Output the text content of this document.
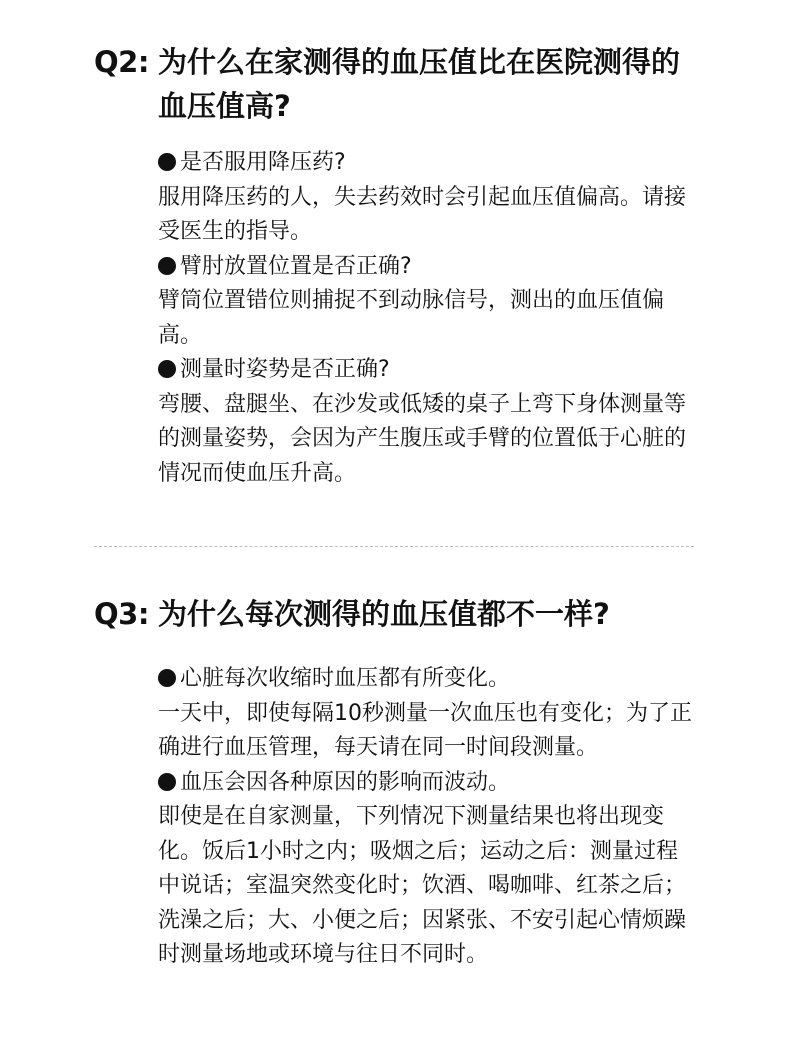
Q2: 为什么在家测得的血压值比在医院测得的血压值高?
是否服用降压药?
服用降压药的人，失去药效时会引起血压值偏高。请接受医生的指导。
臂肘放置位置是否正确?
臂筒位置错位则捕捉不到动脉信号，测出的血压值偏高。
测量时姿势是否正确?
弯腰、盘腿坐、在沙发或低矮的桌子上弯下身体测量等的测量姿势，会因为产生腹压或手臂的位置低于心脏的情况而使血压升高。
Q3: 为什么每次测得的血压值都不一样?
心脏每次收缩时血压都有所变化。
一天中，即使每隔10秒测量一次血压也有变化；为了正确进行血压管理，每天请在同一时间段测量。
血压会因各种原因的影响而波动。
即使是在自家测量，下列情况下测量结果也将出现变化。饭后1小时之内；吸烟之后；运动之后：测量过程中说话；室温突然变化时；饮酒、喝咖啡、红茶之后；洗澡之后；大、小便之后；因紧张、不安引起心情烦躁时测量场地或环境与往日不同时。
